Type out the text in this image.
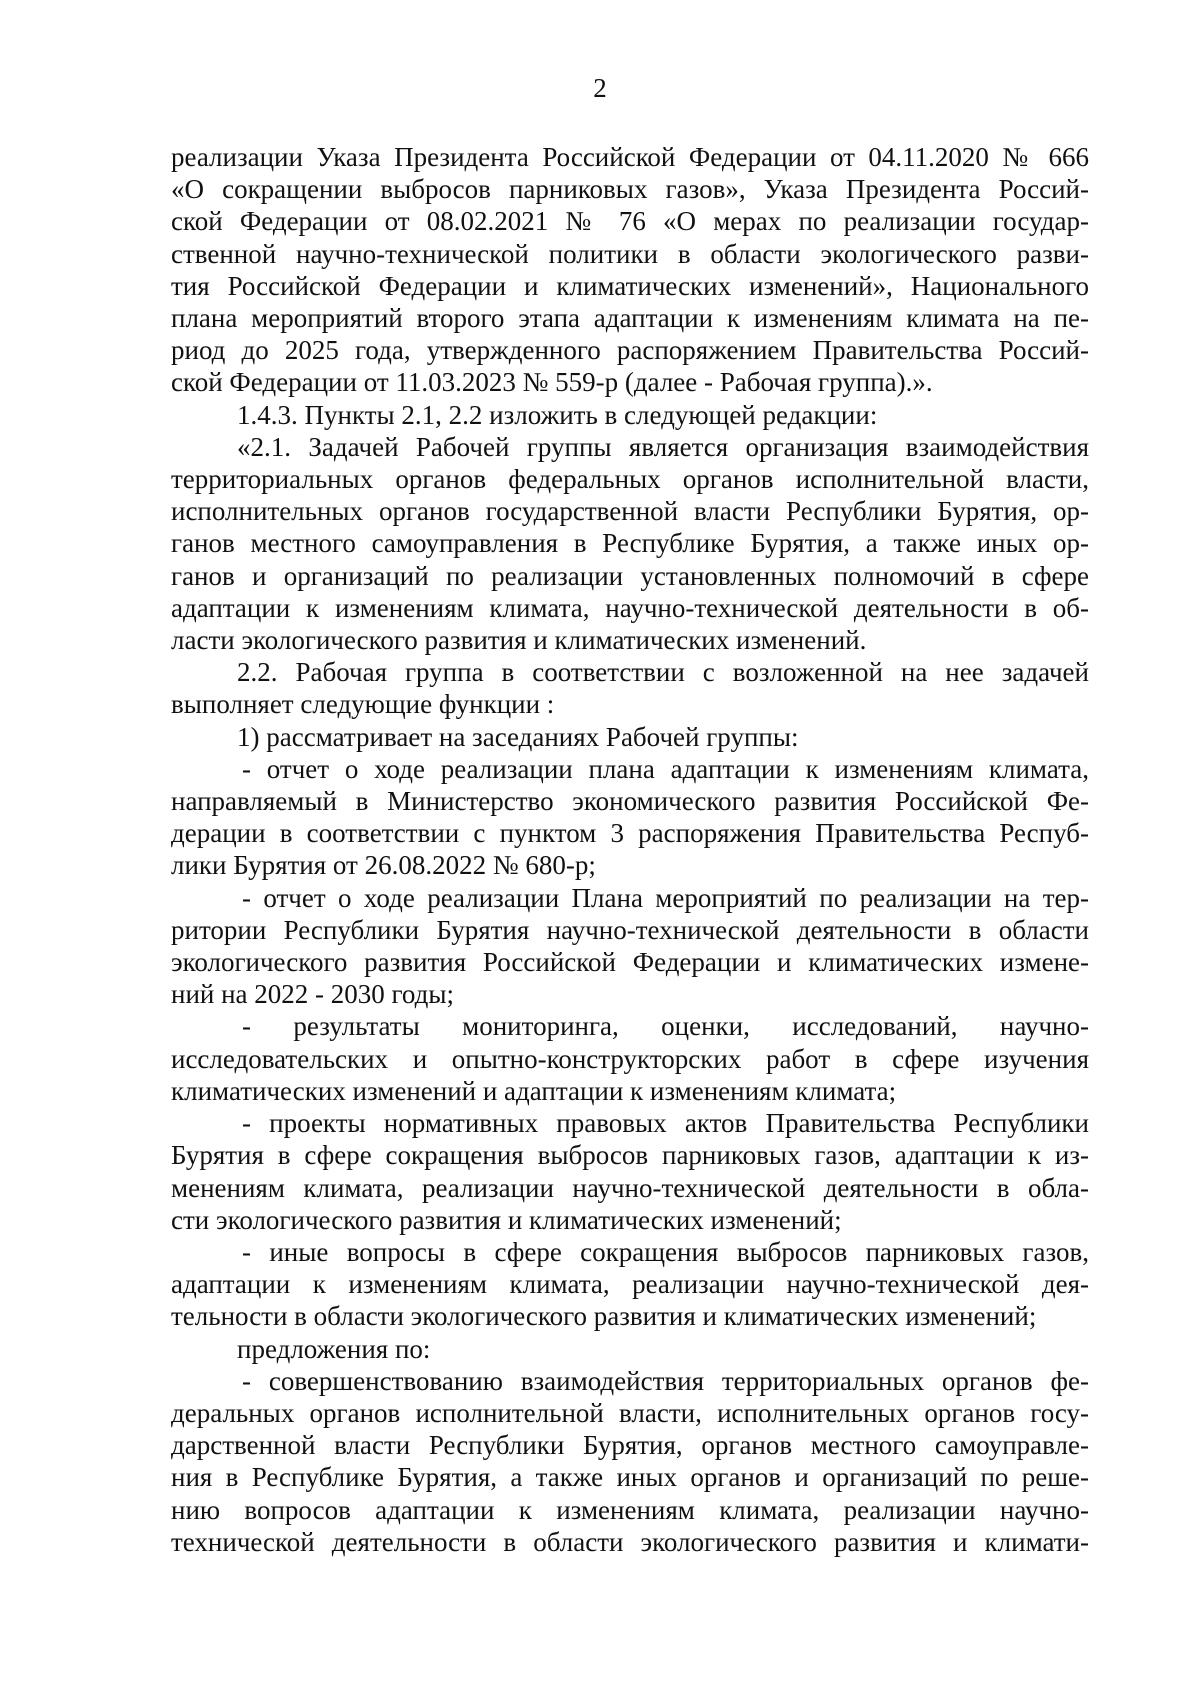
2
реализации Указа Президента Российской Федерации от 04.11.2020 № 666
«О сокращении выбросов парниковых газов», Указа Президента Россий-
ской Федерации от 08.02.2021 № 76 «О мерах по реализации государ-
ственной научно-технической политики в области экологического разви-
тия Российской Федерации и климатических изменений», Национального
плана мероприятий второго этапа адаптации к изменениям климата на пе-
риод до 2025 года, утвержденного распоряжением Правительства Россий-
ской Федерации от 11.03.2023 № 559-р (далее - Рабочая группа).».
1.4.3. Пункты 2.1, 2.2 изложить в следующей редакции:
«2.1. Задачей Рабочей группы является организация взаимодействия
территориальных органов федеральных органов исполнительной власти,
исполнительных органов государственной власти Республики Бурятия, ор-
ганов местного самоуправления в Республике Бурятия, а также иных ор-
ганов и организаций по реализации установленных полномочий в сфере
адаптации к изменениям климата, научно-технической деятельности в об-
ласти экологического развития и климатических изменений.
2.2. Рабочая группа в соответствии с возложенной на нее задачей
выполняет следующие функции :
1) рассматривает на заседаниях Рабочей группы:
- отчет о ходе реализации плана адаптации к изменениям климата,
направляемый в Министерство экономического развития Российской Фе-
дерации в соответствии с пунктом 3 распоряжения Правительства Респуб-
лики Бурятия от 26.08.2022 № 680-р;
- отчет о ходе реализации Плана мероприятий по реализации на тер-
ритории Республики Бурятия научно-технической деятельности в области
экологического развития Российской Федерации и климатических измене-
ний на 2022 - 2030 годы;
- результаты мониторинга, оценки, исследований, научно-
исследовательских и опытно-конструкторских работ в сфере изучения
климатических изменений и адаптации к изменениям климата;
- проекты нормативных правовых актов Правительства Республики
Бурятия в сфере сокращения выбросов парниковых газов, адаптации к из-
менениям климата, реализации научно-технической деятельности в обла-
сти экологического развития и климатических изменений;
- иные вопросы в сфере сокращения выбросов парниковых газов,
адаптации к изменениям климата, реализации научно-технической дея-
тельности в области экологического развития и климатических изменений;
предложения по:
- совершенствованию взаимодействия территориальных органов фе-
деральных органов исполнительной власти, исполнительных органов госу-
дарственной власти Республики Бурятия, органов местного самоуправле-
ния в Республике Бурятия, а также иных органов и организаций по реше-
нию вопросов адаптации к изменениям климата, реализации научно-
технической деятельности в области экологического развития и климати-
